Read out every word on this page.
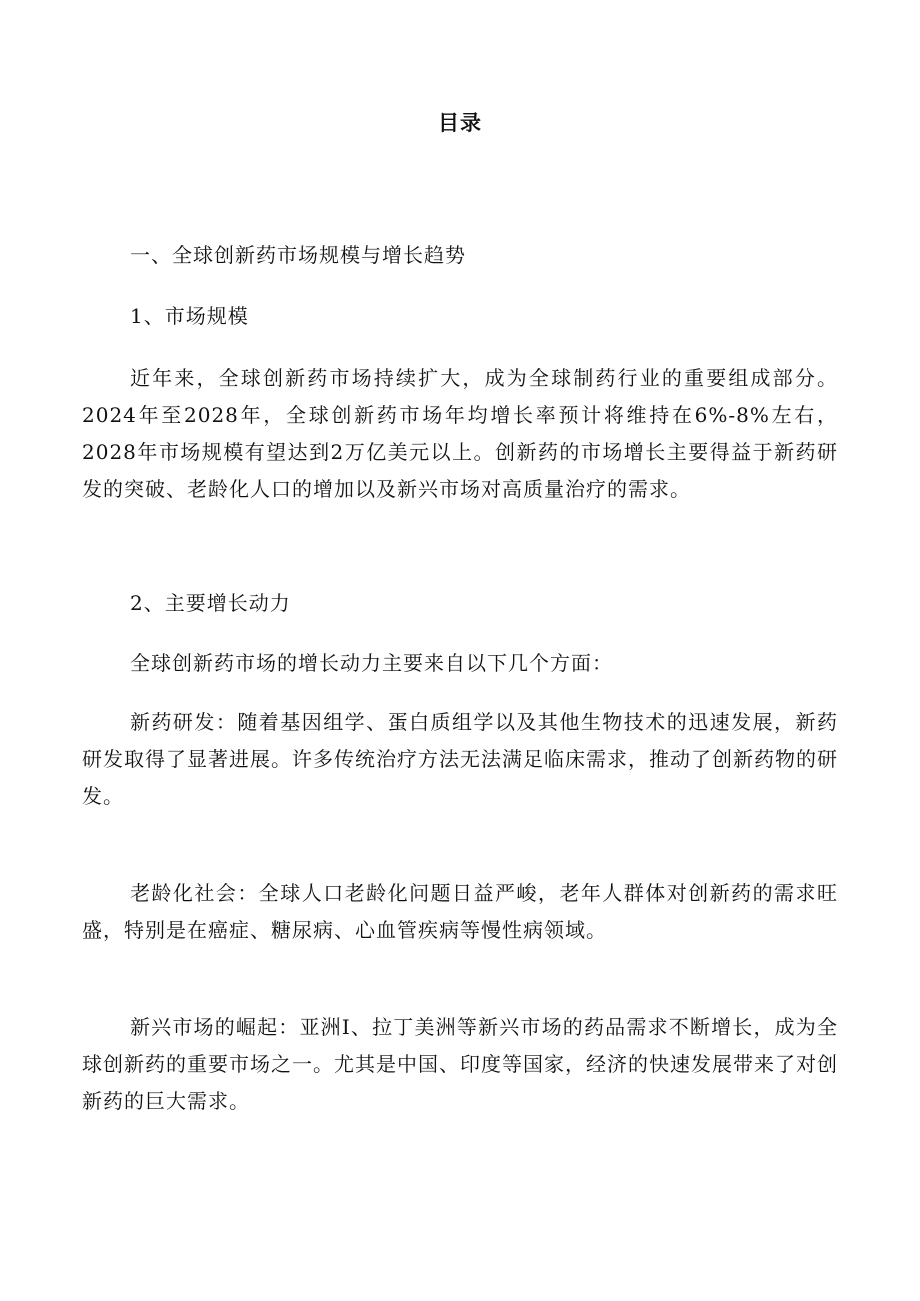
目录
一、全球创新药市场规模与增长趋势
1、市场规模
近年来，全球创新药市场持续扩大，成为全球制药行业的重要组成部分。2024年至2028年，全球创新药市场年均增长率预计将维持在6%-8%左右，2028年市场规模有望达到2万亿美元以上。创新药的市场增长主要得益于新药研发的突破、老龄化人口的增加以及新兴市场对高质量治疗的需求。
2、主要增长动力
全球创新药市场的增长动力主要来自以下几个方面：
新药研发：随着基因组学、蛋白质组学以及其他生物技术的迅速发展，新药研发取得了显著进展。许多传统治疗方法无法满足临床需求，推动了创新药物的研发。
老龄化社会：全球人口老龄化问题日益严峻，老年人群体对创新药的需求旺盛，特别是在癌症、糖尿病、心血管疾病等慢性病领域。
新兴市场的崛起：亚洲I、拉丁美洲等新兴市场的药品需求不断增长，成为全球创新药的重要市场之一。尤其是中国、印度等国家，经济的快速发展带来了对创新药的巨大需求。
